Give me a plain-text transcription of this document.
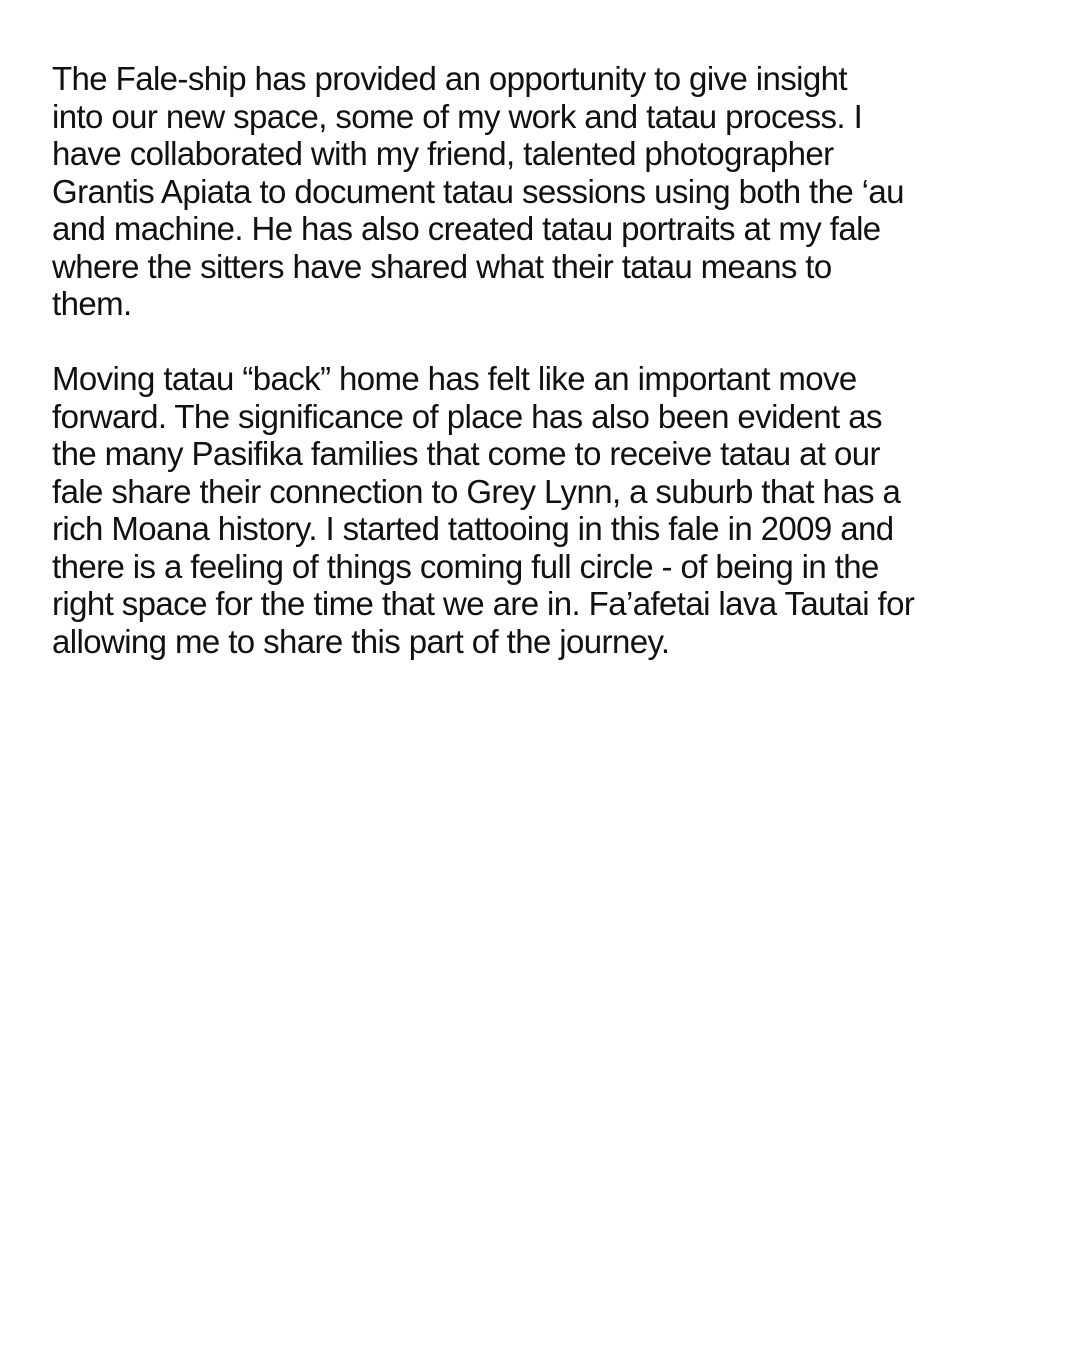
The Fale-ship has provided an opportunity to give insight
into our new space, some of my work and tatau process. I
have collaborated with my friend, talented photographer
Grantis Apiata to document tatau sessions using both the ‘au
and machine. He has also created tatau portraits at my fale
where the sitters have shared what their tatau means to
them.

Moving tatau “back” home has felt like an important move
forward. The significance of place has also been evident as
the many Pasifika families that come to receive tatau at our
fale share their connection to Grey Lynn, a suburb that has a
rich Moana history. I started tattooing in this fale in 2009 and
there is a feeling of things coming full circle - of being in the
right space for the time that we are in. Fa’afetai lava Tautai for
allowing me to share this part of the journey.
